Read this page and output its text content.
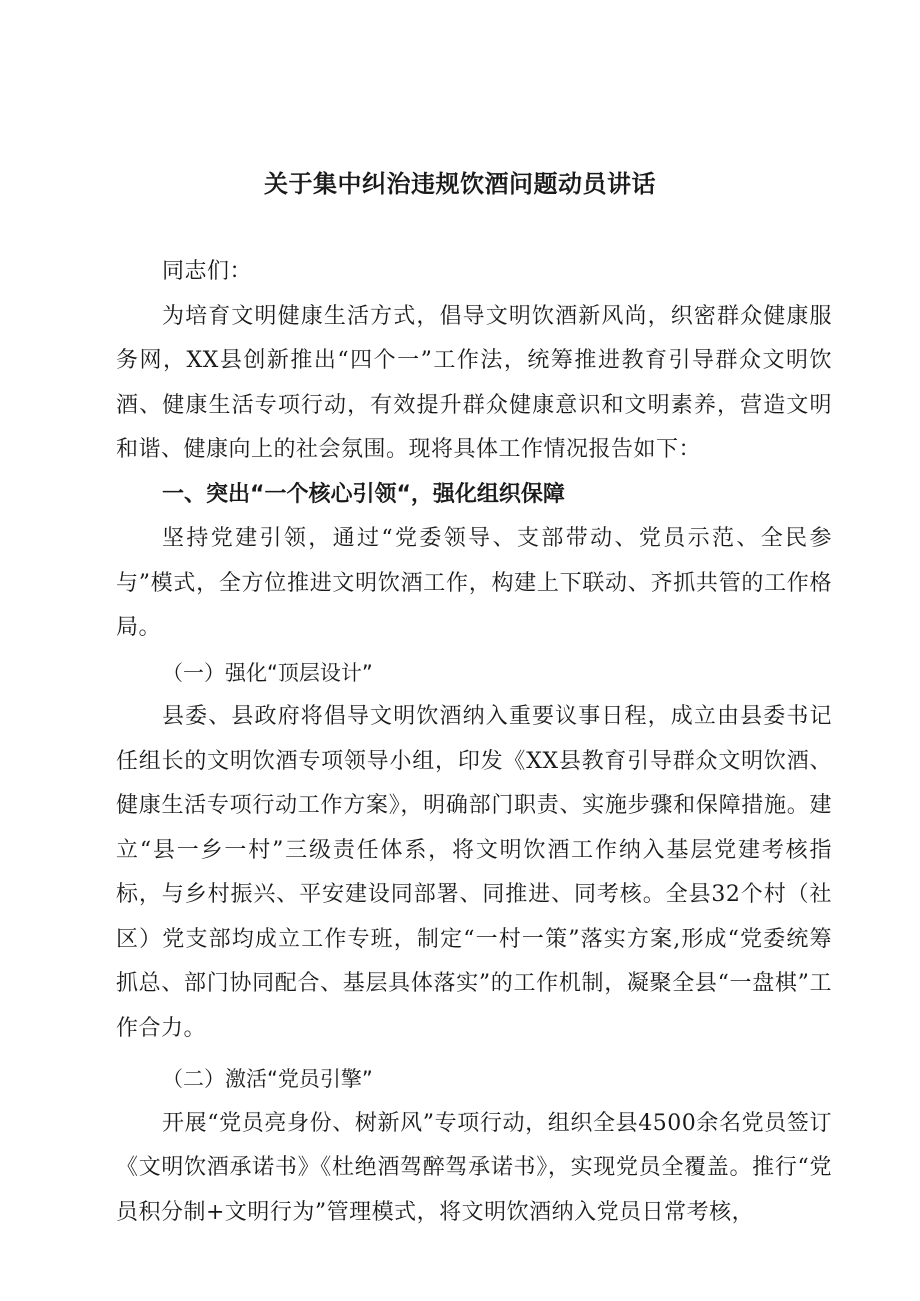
关于集中纠治违规饮酒问题动员讲话

同志们：

为培育文明健康生活方式，倡导文明饮酒新风尚，织密群众健康服务网，XX县创新推出“四个一”工作法，统筹推进教育引导群众文明饮酒、健康生活专项行动，有效提升群众健康意识和文明素养，营造文明和谐、健康向上的社会氛围。现将具体工作情况报告如下：

一、突出“一个核心引领“，强化组织保障

坚持党建引领，通过“党委领导、支部带动、党员示范、全民参与”模式，全方位推进文明饮酒工作，构建上下联动、齐抓共管的工作格局。

（一）强化“顶层设计”

县委、县政府将倡导文明饮酒纳入重要议事日程，成立由县委书记任组长的文明饮酒专项领导小组，印发《XX县教育引导群众文明饮酒、健康生活专项行动工作方案》，明确部门职责、实施步骤和保障措施。建立“县一乡一村”三级责任体系，将文明饮酒工作纳入基层党建考核指标，与乡村振兴、平安建设同部署、同推进、同考核。全县32个村（社区）党支部均成立工作专班，制定“一村一策”落实方案,形成“党委统筹抓总、部门协同配合、基层具体落实”的工作机制，凝聚全县“一盘棋”工作合力。

（二）激活“党员引擎”

开展“党员亮身份、树新风”专项行动，组织全县4500余名党员签订《文明饮酒承诺书》《杜绝酒驾醉驾承诺书》，实现党员全覆盖。推行“党员积分制+文明行为”管理模式，将文明饮酒纳入党员日常考核，
